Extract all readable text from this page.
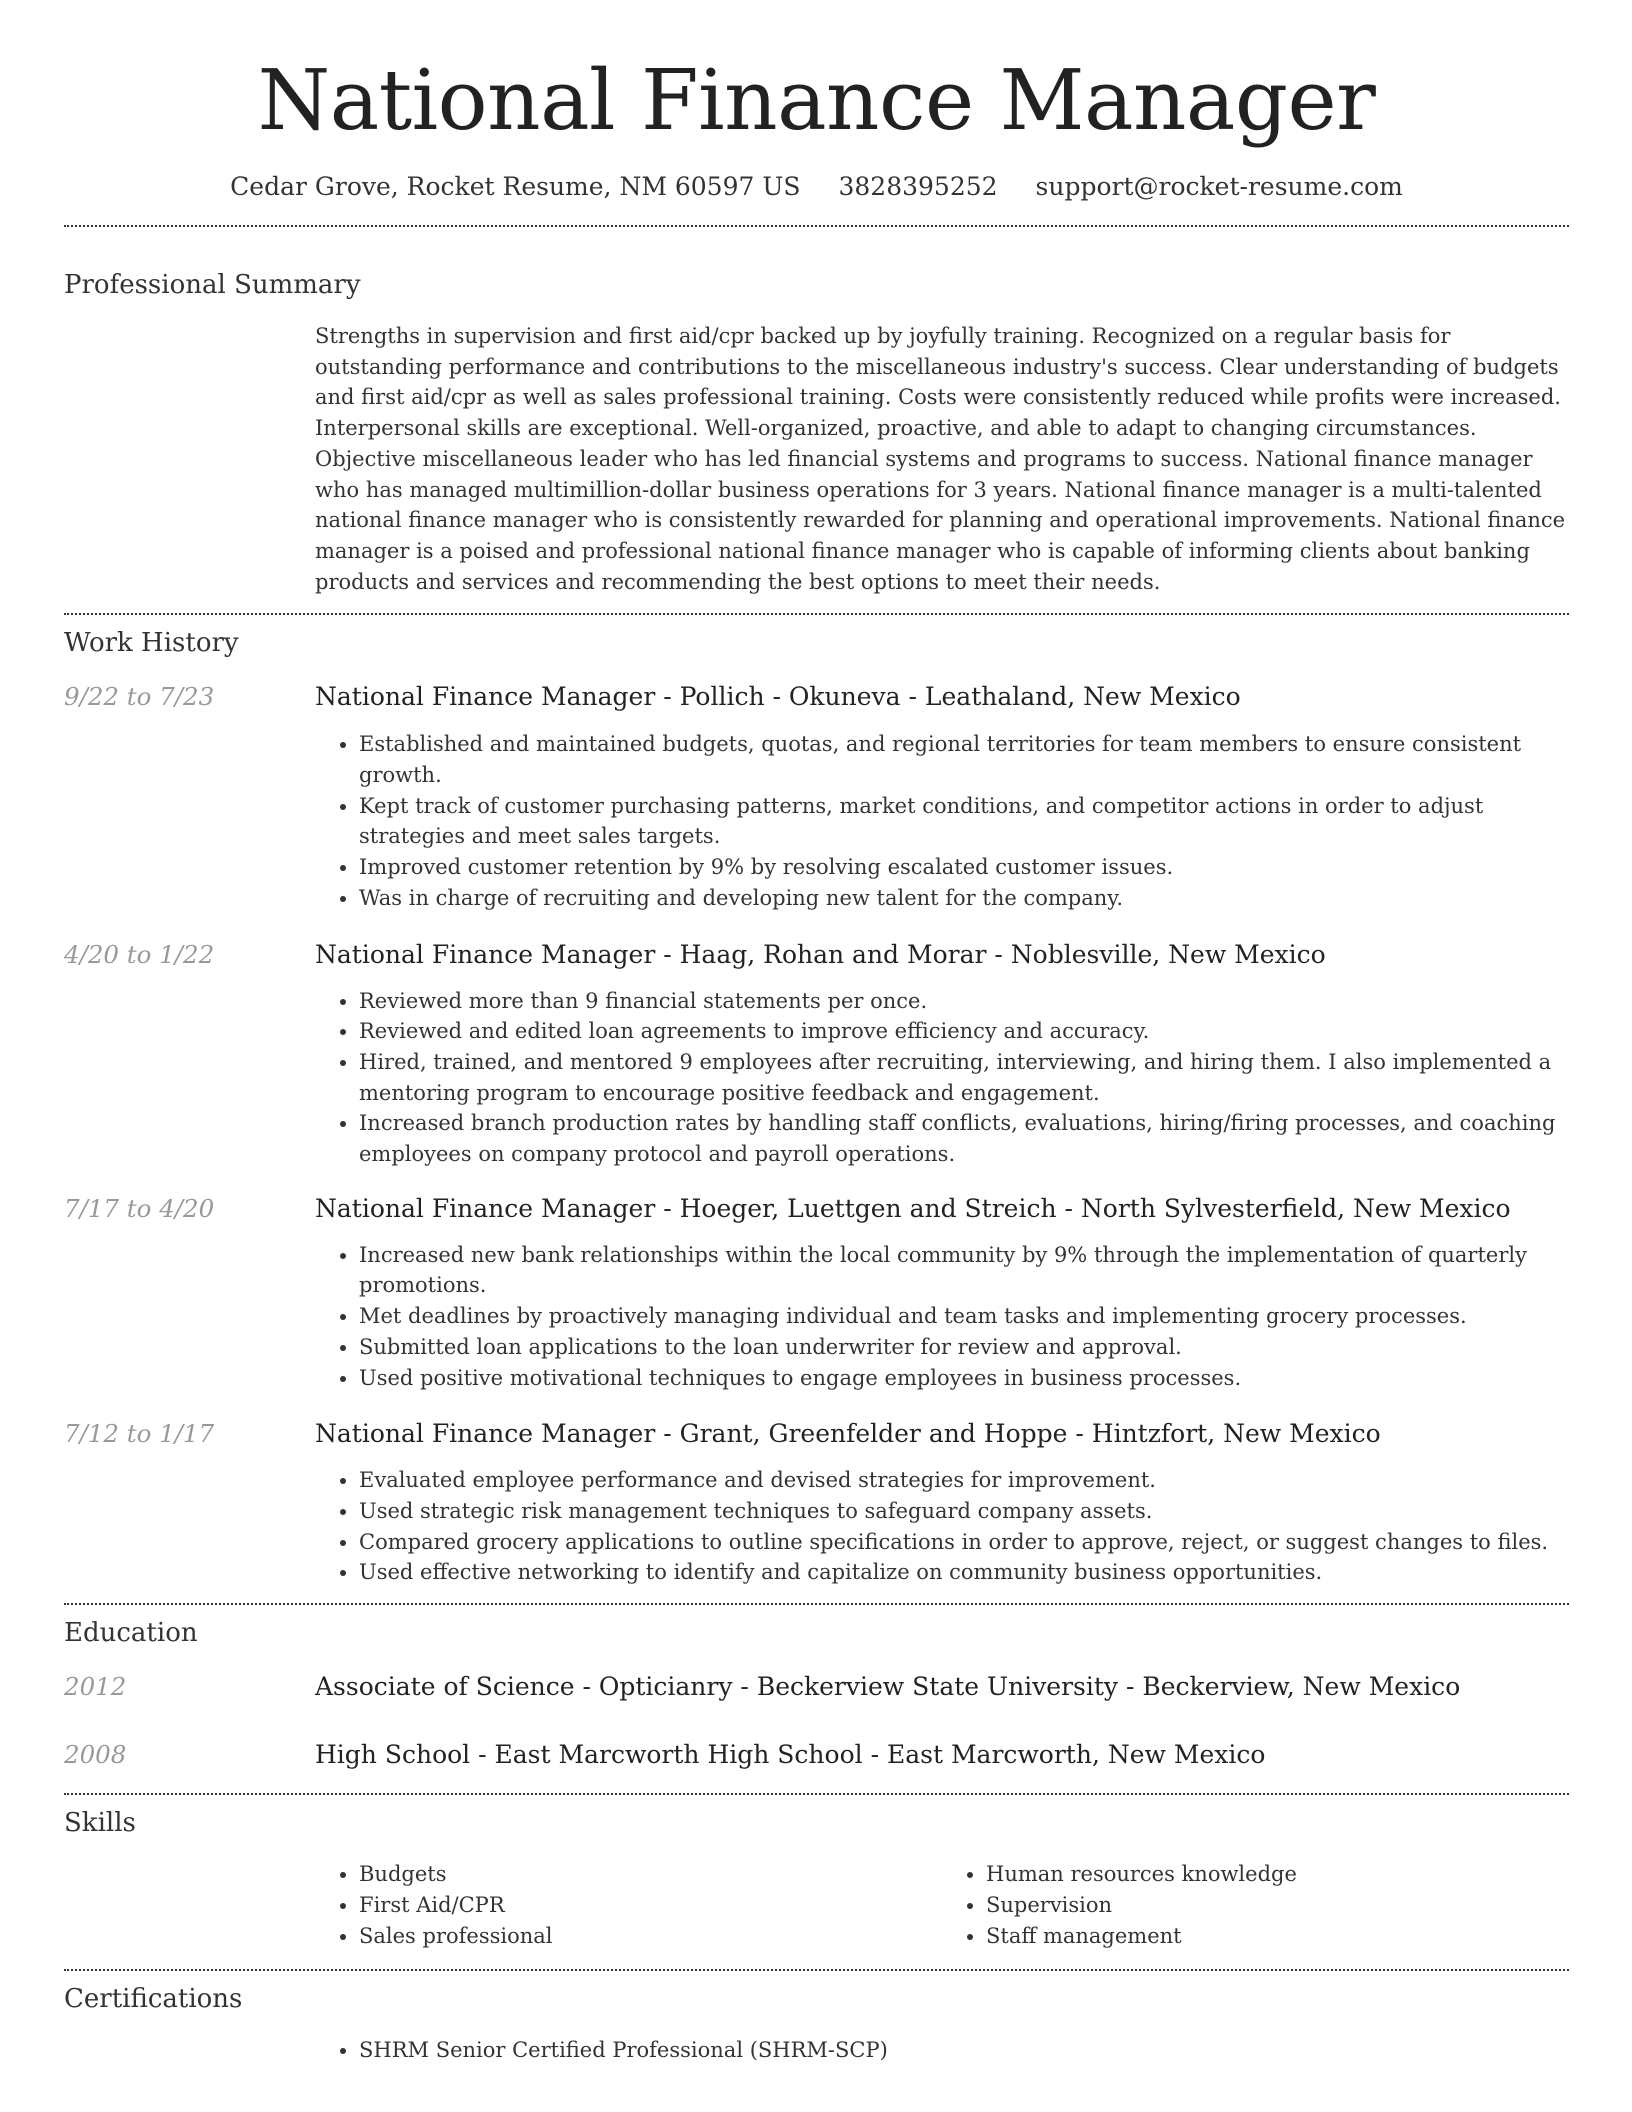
National Finance Manager
Cedar Grove, Rocket Resume, NM 60597 US 3828395252 support@rocket-resume.com
Professional Summary
Strengths in supervision and first aid/cpr backed up by joyfully training. Recognized on a regular basis for outstanding performance and contributions to the miscellaneous industry's success. Clear understanding of budgets and first aid/cpr as well as sales professional training. Costs were consistently reduced while profits were increased. Interpersonal skills are exceptional. Well-organized, proactive, and able to adapt to changing circumstances. Objective miscellaneous leader who has led financial systems and programs to success. National finance manager who has managed multimillion-dollar business operations for 3 years. National finance manager is a multi-talented national finance manager who is consistently rewarded for planning and operational improvements. National finance manager is a poised and professional national finance manager who is capable of informing clients about banking products and services and recommending the best options to meet their needs.
Work History
9/22 to 7/23	National Finance Manager - Pollich - Okuneva - Leathaland, New Mexico
• Established and maintained budgets, quotas, and regional territories for team members to ensure consistent growth.
• Kept track of customer purchasing patterns, market conditions, and competitor actions in order to adjust strategies and meet sales targets.
• Improved customer retention by 9% by resolving escalated customer issues.
• Was in charge of recruiting and developing new talent for the company.
4/20 to 1/22	National Finance Manager - Haag, Rohan and Morar - Noblesville, New Mexico
• Reviewed more than 9 financial statements per once.
• Reviewed and edited loan agreements to improve efficiency and accuracy.
• Hired, trained, and mentored 9 employees after recruiting, interviewing, and hiring them. I also implemented a mentoring program to encourage positive feedback and engagement.
• Increased branch production rates by handling staff conflicts, evaluations, hiring/firing processes, and coaching employees on company protocol and payroll operations.
7/17 to 4/20	National Finance Manager - Hoeger, Luettgen and Streich - North Sylvesterfield, New Mexico
• Increased new bank relationships within the local community by 9% through the implementation of quarterly promotions.
• Met deadlines by proactively managing individual and team tasks and implementing grocery processes.
• Submitted loan applications to the loan underwriter for review and approval.
• Used positive motivational techniques to engage employees in business processes.
7/12 to 1/17	National Finance Manager - Grant, Greenfelder and Hoppe - Hintzfort, New Mexico
• Evaluated employee performance and devised strategies for improvement.
• Used strategic risk management techniques to safeguard company assets.
• Compared grocery applications to outline specifications in order to approve, reject, or suggest changes to files.
• Used effective networking to identify and capitalize on community business opportunities.
Education
2012	Associate of Science - Opticianry - Beckerview State University - Beckerview, New Mexico
2008	High School - East Marcworth High School - East Marcworth, New Mexico
Skills
• Budgets
• First Aid/CPR
• Sales professional
• Human resources knowledge
• Supervision
• Staff management
Certifications
• SHRM Senior Certified Professional (SHRM-SCP)
